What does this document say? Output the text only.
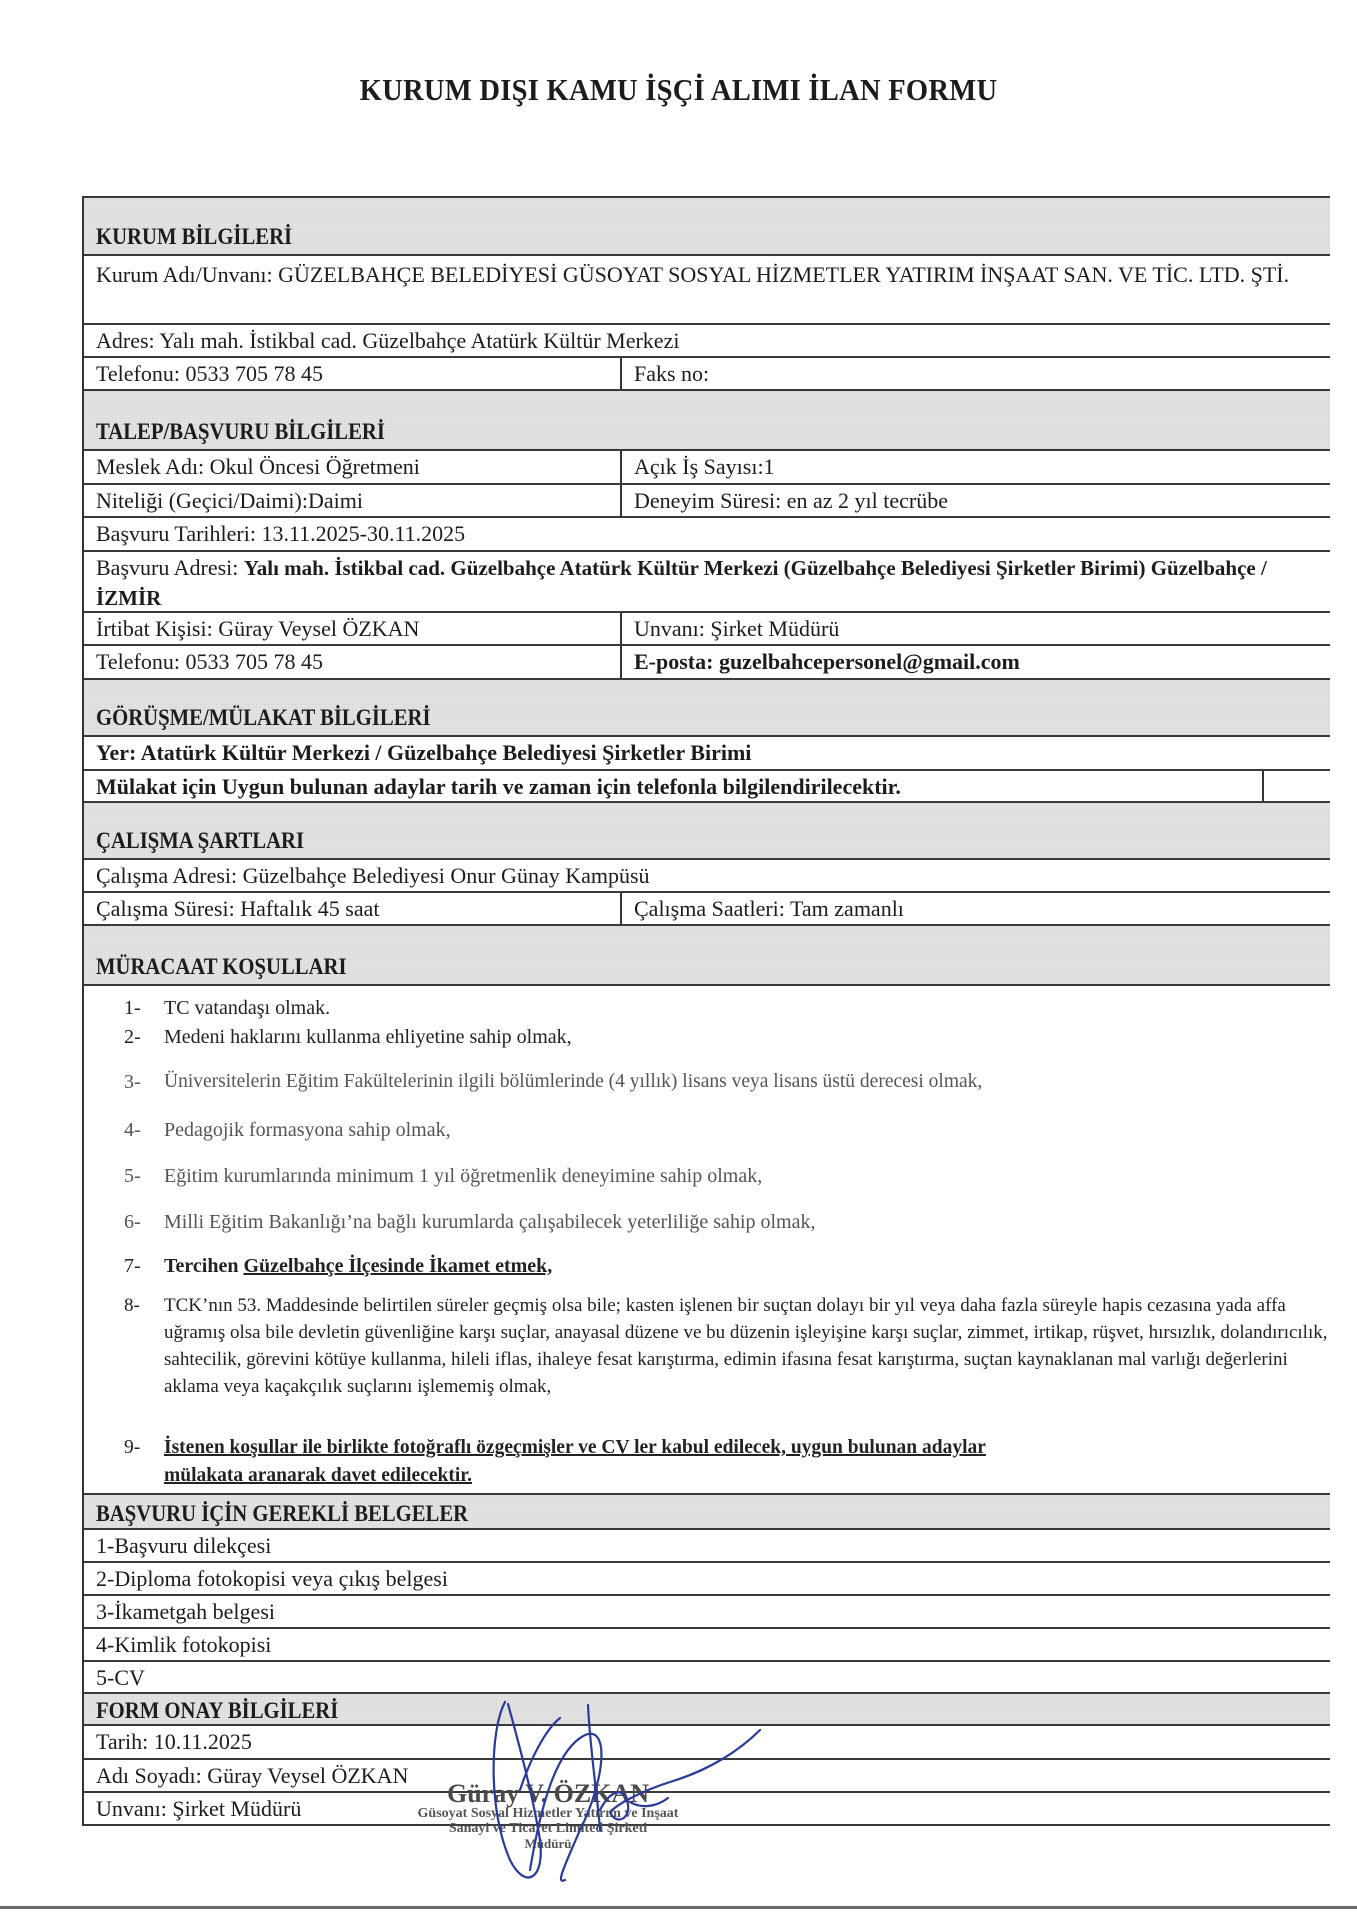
KURUM DIŞI KAMU İŞÇİ ALIMI İLAN FORMU
KURUM BİLGİLERİ
Kurum Adı/Unvanı: GÜZELBAHÇE BELEDİYESİ GÜSOYAT SOSYAL HİZMETLER YATIRIM İNŞAAT SAN. VE TİC. LTD. ŞTİ.
Adres: Yalı mah. İstikbal cad. Güzelbahçe Atatürk Kültür Merkezi
Telefonu: 0533 705 78 45	Faks no:
TALEP/BAŞVURU BİLGİLERİ
Meslek Adı: Okul Öncesi Öğretmeni	Açık İş Sayısı:1
Niteliği (Geçici/Daimi):Daimi	Deneyim Süresi: en az 2 yıl tecrübe
Başvuru Tarihleri: 13.11.2025-30.11.2025
Başvuru Adresi: Yalı mah. İstikbal cad. Güzelbahçe Atatürk Kültür Merkezi (Güzelbahçe Belediyesi Şirketler Birimi) Güzelbahçe /İZMİR
İrtibat Kişisi: Güray Veysel ÖZKAN	Unvanı: Şirket Müdürü
Telefonu: 0533 705 78 45	E-posta: guzelbahcepersonel@gmail.com
GÖRÜŞME/MÜLAKAT BİLGİLERİ
Yer: Atatürk Kültür Merkezi / Güzelbahçe Belediyesi Şirketler Birimi
Mülakat için Uygun bulunan adaylar tarih ve zaman için telefonla bilgilendirilecektir.
ÇALIŞMA ŞARTLARI
Çalışma Adresi: Güzelbahçe Belediyesi Onur Günay Kampüsü
Çalışma Süresi: Haftalık 45 saat	Çalışma Saatleri: Tam zamanlı
MÜRACAAT KOŞULLARI
1-	TC vatandaşı olmak.
2-	Medeni haklarını kullanma ehliyetine sahip olmak,
3-	Üniversitelerin Eğitim Fakültelerinin ilgili bölümlerinde (4 yıllık) lisans veya lisans üstü derecesi olmak,
4-	Pedagojik formasyona sahip olmak,
5-	Eğitim kurumlarında minimum 1 yıl öğretmenlik deneyimine sahip olmak,
6-	Milli Eğitim Bakanlığı’na bağlı kurumlarda çalışabilecek yeterliliğe sahip olmak,
7-	Tercihen Güzelbahçe İlçesinde İkamet etmek,
8-	TCK’nın 53. Maddesinde belirtilen süreler geçmiş olsa bile; kasten işlenen bir suçtan dolayı bir yıl veya daha fazla süreyle hapis cezasına yada affa uğramış olsa bile devletin güvenliğine karşı suçlar, anayasal düzene ve bu düzenin işleyişine karşı suçlar, zimmet, irtikap, rüşvet, hırsızlık, dolandırıcılık, sahtecilik, görevini kötüye kullanma, hileli iflas, ihaleye fesat karıştırma, edimin ifasına fesat karıştırma, suçtan kaynaklanan mal varlığı değerlerini aklama veya kaçakçılık suçlarını işlememiş olmak,
9-	İstenen koşullar ile birlikte fotoğraflı özgeçmişler ve CV ler kabul edilecek, uygun bulunan adaylar mülakata aranarak davet edilecektir.
BAŞVURU İÇİN GEREKLİ BELGELER
1-Başvuru dilekçesi
2-Diploma fotokopisi veya çıkış belgesi
3-İkametgah belgesi
4-Kimlik fotokopisi
5-CV
FORM ONAY BİLGİLERİ
Tarih: 10.11.2025
Adı Soyadı: Güray Veysel ÖZKAN
Unvanı: Şirket Müdürü
Güray V. ÖZKAN
Güsoyat Sosyal Hizmetler Yatırım ve İnşaat
Sanayi ve Ticaret Limited Şirketi
Müdürü
